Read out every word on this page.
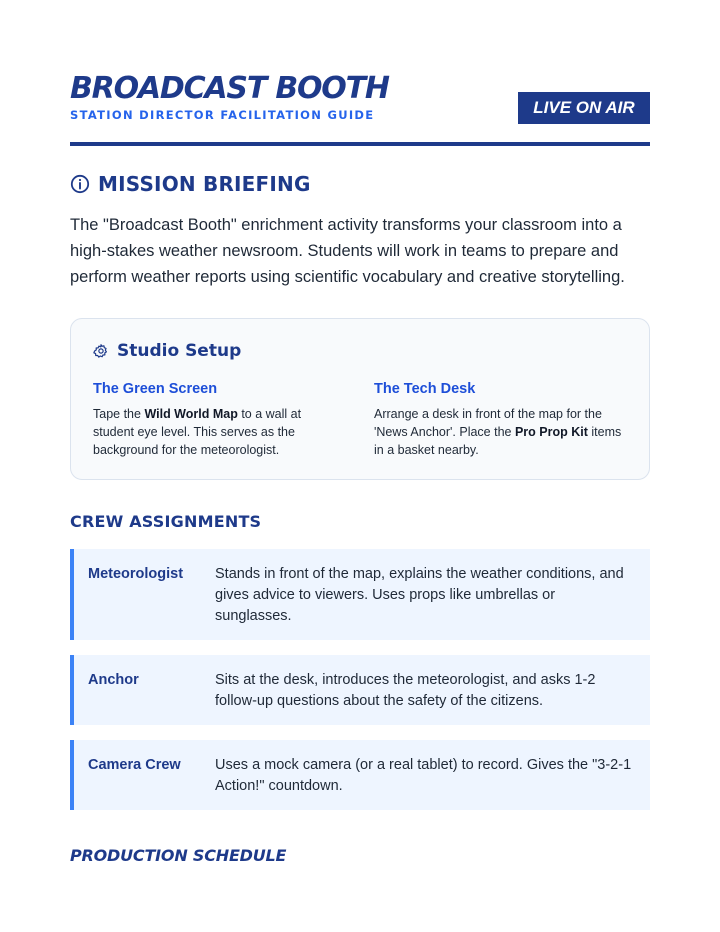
BROADCAST BOOTH
STATION DIRECTOR FACILITATION GUIDE	LIVE ON AIR
MISSION BRIEFING

The "Broadcast Booth" enrichment activity transforms your classroom into a high-stakes weather newsroom. Students will work in teams to prepare and perform weather reports using scientific vocabulary and creative storytelling.

Studio Setup
The Green Screen

Tape the Wild World Map to a wall at student eye level. This serves as the background for the meteorologist.

The Tech Desk

Arrange a desk in front of the map for the 'News Anchor'. Place the Pro Prop Kit items in a basket nearby.

CREW ASSIGNMENTS
Meteorologist Stands in front of the map, explains the weather conditions, and gives advice to viewers. Uses props like umbrellas or sunglasses.
Anchor	Sits at the desk, introduces the meteorologist, and asks 1-2 follow-up questions about the safety of the citizens.
Camera Crew Uses a mock camera (or a real tablet) to record. Gives the "3-2-1 Action!" countdown.
PRODUCTION SCHEDULE
